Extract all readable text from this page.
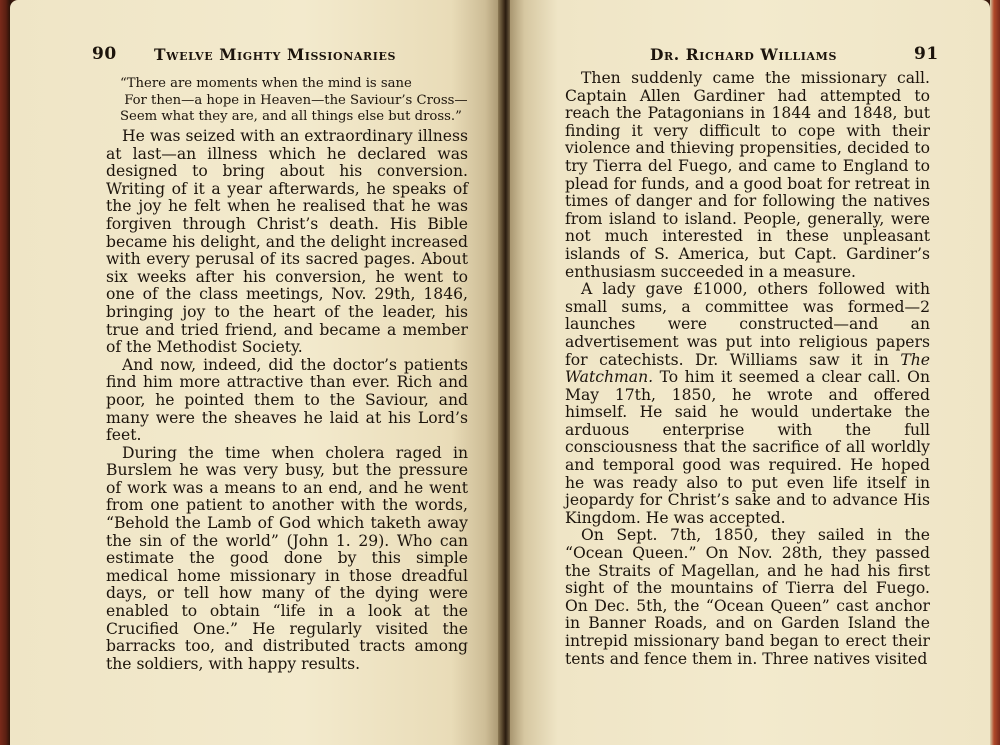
90 Twelve Mighty Missionaries
“There are moments when the mind is sane
For then—a hope in Heaven—the Saviour’s Cross—
Seem what they are, and all things else but dross.”

He was seized with an extraordinary illness at last—an illness which he declared was designed to bring about his conversion. Writing of it a year afterwards, he speaks of the joy he felt when he realised that he was forgiven through Christ’s death. His Bible became his delight, and the delight increased with every perusal of its sacred pages. About six weeks after his conversion, he went to one of the class meetings, Nov. 29th, 1846, bringing joy to the heart of the leader, his true and tried friend, and became a member of the Methodist Society.

And now, indeed, did the doctor’s patients find him more attractive than ever. Rich and poor, he pointed them to the Saviour, and many were the sheaves he laid at his Lord’s feet.

During the time when cholera raged in Burslem he was very busy, but the pressure of work was a means to an end, and he went from one patient to another with the words, “Behold the Lamb of God which taketh away the sin of the world” (John 1. 29). Who can estimate the good done by this simple medical home missionary in those dreadful days, or tell how many of the dying were enabled to obtain “life in a look at the Crucified One.” He regularly visited the barracks too, and distributed tracts among the soldiers, with happy results.

Dr. Richard Williams	91

Then suddenly came the missionary call. Captain Allen Gardiner had attempted to reach the Patagonians in 1844 and 1848, but finding it very difficult to cope with their violence and thieving propensities, decided to try Tierra del Fuego, and came to England to plead for funds, and a good boat for retreat in times of danger and for following the natives from island to island. People, generally, were not much interested in these unpleasant islands of S. America, but Capt. Gardiner’s enthusiasm succeeded in a measure.

A lady gave £1000, others followed with small sums, a committee was formed—2 launches were constructed—and an advertisement was put into religious papers for catechists. Dr. Williams saw it in The Watchman. To him it seemed a clear call. On May 17th, 1850, he wrote and offered himself. He said he would undertake the arduous enterprise with the full consciousness that the sacrifice of all worldly and temporal good was required. He hoped he was ready also to put even life itself in jeopardy for Christ’s sake and to advance His Kingdom. He was accepted.

On Sept. 7th, 1850, they sailed in the “Ocean Queen.” On Nov. 28th, they passed the Straits of Magellan, and he had his first sight of the mountains of Tierra del Fuego. On Dec. 5th, the “Ocean Queen” cast anchor in Banner Roads, and on Garden Island the intrepid missionary band began to erect their tents and fence them in. Three natives visited
